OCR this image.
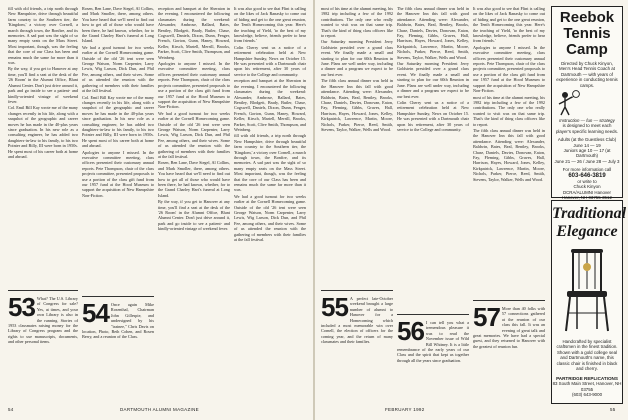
fill with old friends, a trip north through New Hampshire, drive through beautiful farm country to the Southern tier, the 'Kingdom,' a victory over Cornell, a march through town, the Bonfire, and its memories. A sad part was the sight of so many empty seats on the Mass Street. Most important, though, was the feeling that the core of our Class has been and remains much the same far more than it was.

By the way, if you get to Hanover at any time, you'll find a seat at the desk of the '26 Room' in the Alumni Office, Blunt Alumni Center. Don't just drive around it, park and go inside to see a patient- and kindly-oriented vintage of weekend fever.

Col. Emil Bill Kay wrote me of the many changes recently in his life, along with a snapshot of the geographic and career moves he has made in the 40-plus years since graduation. In his new role as a consulting engineer, he has added two daughters-in-law to his family, to his two Pointer and Billy, III were born in 1950s. He spent most of his career both at home and abroad.

53 What? The U.S. Library of Congress for sale? Yes, at times, and your own Library is also in the running. Stories of 1953 classmates raising money for the Library of Congress program and the rights to use manuscripts, documents, and other personal items.

Rosen, Ben Lane, Dave Siegel, Al Collins, and Mark Smoller, there, among others. You have heard that we'll need to find out how to get all of those who would have been there, he had known, whether, for to the Grand Charley Hart's funeral at Long Island.

We had a good turnout for two weeks earlier at the Cornell Homecoming game. Outside of the old '26 tent were seen George Watson, Norm Carpenter, Larry Lewis, Wig Larson, Dick Dun, and Phil Fee, among others, and their wives. Some of us attended the reunion with the gathering of members with their families at the fall festival.

Col. Emil Bill Kay wrote me of the many changes recently in his life, along with a snapshot of the geographic and career moves he has made in the 40-plus years since graduation. In his new role as a consulting engineer, he has added two daughters-in-law to his family, to his two Pointer and Billy, III were born in 1950s. He spent most of his career both at home and abroad.

Apologies to anyone I missed. In the executive committee meeting, class officers presented their customary annual reports. Pete Thompson, chair of the class projects committee, presented proposals to use a portion of the class gift fund from our 1957 fund at the Hood Museum to support the acquisition of New Hampshire Non-Fiction.

54 Once again Mike Rosenthal, Chairman John Gillespie, and undersigned by his "trainee," Chris Davis on location, Photo, Beth Cohen, and Rosen Berry, and a reunion of the Class.

reception and banquet at the Sheraton in the evening. I encountered the following classmates during the weekend: Alexander, Ambrose, Ballard, Bates, Bentley, Blodgett, Brady, Butler, Chase, Cogswell, Daniels, Dixon, Dunn, Fenger, French, Gorton, Gunn, Haney, Howard, Keller, Kirsch, Martell, Merrill, Brooks, Parker, Scott, Clive Smith, Thompson, and Weinberg.

Apologies to anyone I missed. In the executive committee meeting, class officers presented their customary annual reports. Pete Thompson, chair of the class projects committee, presented proposals to use a portion of the class gift fund from our 1957 fund at the Hood Museum to support the acquisition of New Hampshire Non-Fiction.

We had a good turnout for two weeks earlier at the Cornell Homecoming game. Outside of the old '26 tent were seen George Watson, Norm Carpenter, Larry Lewis, Wig Larson, Dick Dun, and Phil Fee, among others, and their wives. Some of us attended the reunion with the gathering of members with their families at the fall festival.

Rosen, Ben Lane, Dave Siegel, Al Collins, and Mark Smoller, there, among others. You have heard that we'll need to find out how to get all of those who would have been there, he had known, whether, for to the Grand Charley Hart's funeral at Long Island.

By the way, if you get to Hanover at any time, you'll find a seat at the desk of the '26 Room' in the Alumni Office, Blunt Alumni Center. Don't just drive around it, park and go inside to see a patient- and kindly-oriented vintage of weekend fever.

It was also good to see that Flint is calling on the likes of Jack Ranasky to come out of hiding and get to the one great reunion, the Tenth Homecoming this year. Here's the teaching of Yield, 'to the best of my knowledge, believe, friends prefer to hear from friends.'

Colin Cherry sent us a notice of a retirement celebration held at New Hampshire Sunday, News on October 15. He was presented with a Dartmouth chair upon his retirement, after 30 years of service to the College and community.

reception and banquet at the Sheraton in the evening. I encountered the following classmates during the weekend: Alexander, Ambrose, Ballard, Bates, Bentley, Blodgett, Brady, Butler, Chase, Cogswell, Daniels, Dixon, Dunn, Fenger, French, Gorton, Gunn, Haney, Howard, Keller, Kirsch, Martell, Merrill, Brooks, Parker, Scott, Clive Smith, Thompson, and Weinberg.

fill with old friends, a trip north through New Hampshire, drive through beautiful farm country to the Southern tier, the 'Kingdom,' a victory over Cornell, a march through town, the Bonfire, and its memories. A sad part was the sight of so many empty seats on the Mass Street. Most important, though, was the feeling that the core of our Class has been and remains much the same far more than it was.

We had a good turnout for two weeks earlier at the Cornell Homecoming game. Outside of the old '26 tent were seen George Watson, Norm Carpenter, Larry Lewis, Wig Larson, Dick Dun, and Phil Fee, among others, and their wives. Some of us attended the reunion with the gathering of members with their families at the fall festival.

54	DARTMOUTH ALUMNI MAGAZINE

most of his time at the alumni meeting, his 1982 trip including a few of the 1992 contributions. The only one who really wanted to visit was on that same trip. That's the kind of thing class officers like to report.

Our Saturday morning President Jerry Goldstein presided over a grand class event. We finally made a small and starting to plan for our 60th Reunion in June. Plans are well under way, including a dinner and a program we expect to be our best ever.

The fifth class annual dinner was held in the Hanover Inn this fall with good attendance. Attending were: Alexander, Baldwin, Bates, Beal, Bentley, Brooks, Chase, Daniels, Davies, Donovan, Eaton, Fay, Fleming, Gibbs, Graves, Hall, Harrison, Hayes, Howard, Jones, Kelley, Kirkpatrick, Lawrence, Martin, Moore, Nichols, Parker, Pierce, Reed, Smith, Stevens, Taylor, Walker, Wells and Wood.

55 A perfect late-October weekend brought a large number of alumni to Hanover for a Homecoming which included a most memorable win over Cornell, the election of officers for the coming year, and the return of many classmates and their families.

The fifth class annual dinner was held in the Hanover Inn this fall with good attendance. Attending were: Alexander, Baldwin, Bates, Beal, Bentley, Brooks, Chase, Daniels, Davies, Donovan, Eaton, Fay, Fleming, Gibbs, Graves, Hall, Harrison, Hayes, Howard, Jones, Kelley, Kirkpatrick, Lawrence, Martin, Moore, Nichols, Parker, Pierce, Reed, Smith, Stevens, Taylor, Walker, Wells and Wood.

Our Saturday morning President Jerry Goldstein presided over a grand class event. We finally made a small and starting to plan for our 60th Reunion in June. Plans are well under way, including a dinner and a program we expect to be our best ever.

Colin Cherry sent us a notice of a retirement celebration held at New Hampshire Sunday, News on October 15. He was presented with a Dartmouth chair upon his retirement, after 30 years of service to the College and community.

56 I can tell you what a tremendous pleasure it was to read the November issue of Wild Bill Whitney. It is a little remembrance of the early years of our Class and the spirit that kept us together through all the years since graduation.

It was also good to see that Flint is calling on the likes of Jack Ranasky to come out of hiding and get to the one great reunion, the Tenth Homecoming this year. Here's the teaching of Yield, 'to the best of my knowledge, believe, friends prefer to hear from friends.'

Apologies to anyone I missed. In the executive committee meeting, class officers presented their customary annual reports. Pete Thompson, chair of the class projects committee, presented proposals to use a portion of the class gift fund from our 1957 fund at the Hood Museum to support the acquisition of New Hampshire Non-Fiction.

most of his time at the alumni meeting, his 1982 trip including a few of the 1992 contributions. The only one who really wanted to visit was on that same trip. That's the kind of thing class officers like to report.

The fifth class annual dinner was held in the Hanover Inn this fall with good attendance. Attending were: Alexander, Baldwin, Bates, Beal, Bentley, Brooks, Chase, Daniels, Davies, Donovan, Eaton, Fay, Fleming, Gibbs, Graves, Hall, Harrison, Hayes, Howard, Jones, Kelley, Kirkpatrick, Lawrence, Martin, Moore, Nichols, Parker, Pierce, Reed, Smith, Stevens, Taylor, Walker, Wells and Wood.

57 More than 40 folks with 57 connections gathered at the reunion of our class this fall. It was an evening of great talk and great memories. We have had a special guest, and they returned to Hanover with the greatest of reunion fun.
Reebok Tennis Camp
Directed by Chuck Kinyon, Men's Head Tennis Coach at Dartmouth — with years of experience in conducting tennis camps.
Instruction — fun — strategy
is designed to meet each player's specific learning needs.
Adults (at the Guestless Club)
June 14 — 19
Juniors age 10 — 17 (at Dartmouth)
June 21 — 26 / June 28 — July 3
For more information call
603-646-3819
or write to
Chuck Kinyon
DCRA/ALUMNI Hanover
Hanover, NH 03755-3512
Traditional Elegance
Handcrafted by specialist craftsmen in the finest tradition. Shown with a gold college seal and Dartmouth's name, this classic chair is finished in black and cherry.
PARTRIDGE REPLICATIONS
83 South Main Street, Hanover, NH 03755
(603) 643-9000
FEBRUARY 1992	55
